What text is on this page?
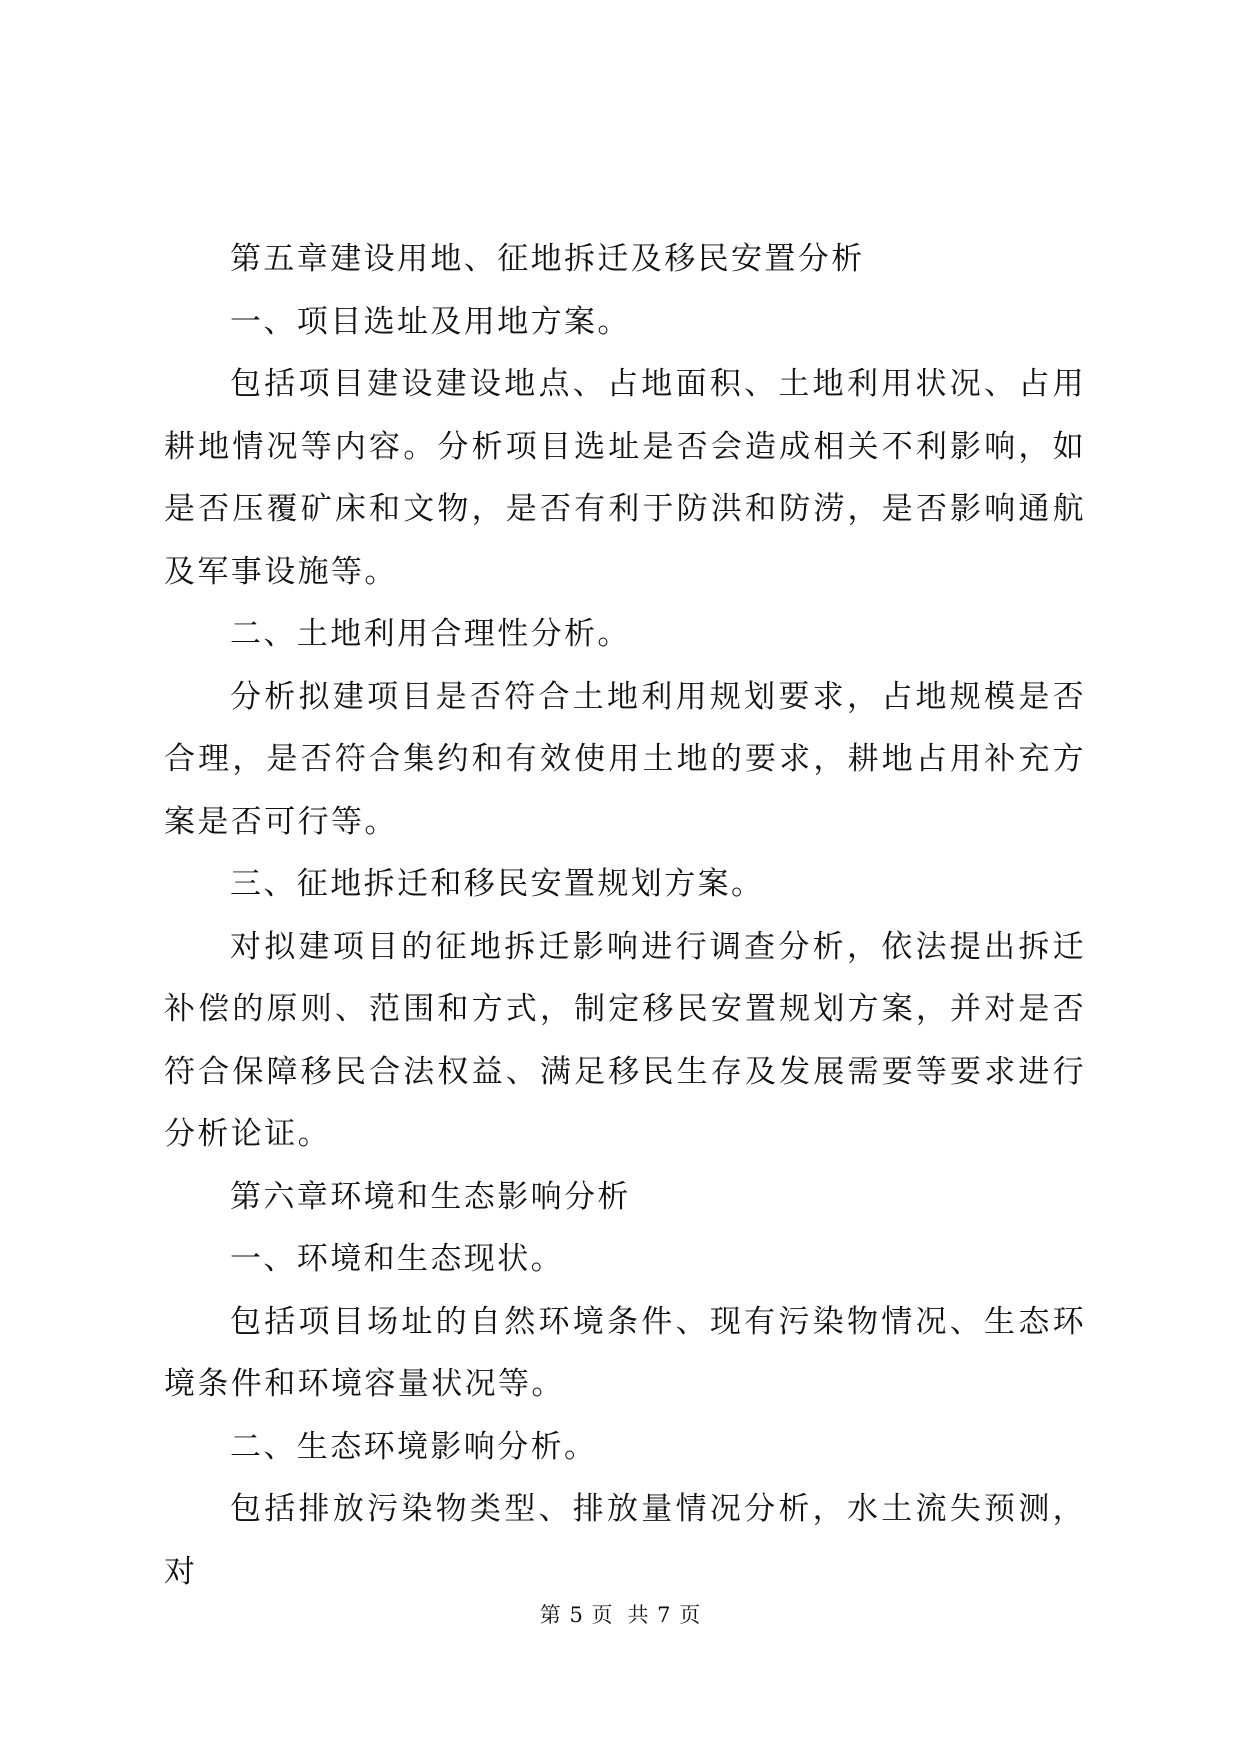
第五章建设用地、征地拆迁及移民安置分析

一、项目选址及用地方案。

包括项目建设建设地点、占地面积、土地利用状况、占用耕地情况等内容。分析项目选址是否会造成相关不利影响，如是否压覆矿床和文物，是否有利于防洪和防涝，是否影响通航及军事设施等。

二、土地利用合理性分析。

分析拟建项目是否符合土地利用规划要求，占地规模是否合理，是否符合集约和有效使用土地的要求，耕地占用补充方案是否可行等。

三、征地拆迁和移民安置规划方案。

对拟建项目的征地拆迁影响进行调查分析，依法提出拆迁补偿的原则、范围和方式，制定移民安置规划方案，并对是否符合保障移民合法权益、满足移民生存及发展需要等要求进行分析论证。

第六章环境和生态影响分析

一、环境和生态现状。

包括项目场址的自然环境条件、现有污染物情况、生态环境条件和环境容量状况等。

二、生态环境影响分析。

包括排放污染物类型、排放量情况分析，水土流失预测，对

第 5 页 共 7 页
